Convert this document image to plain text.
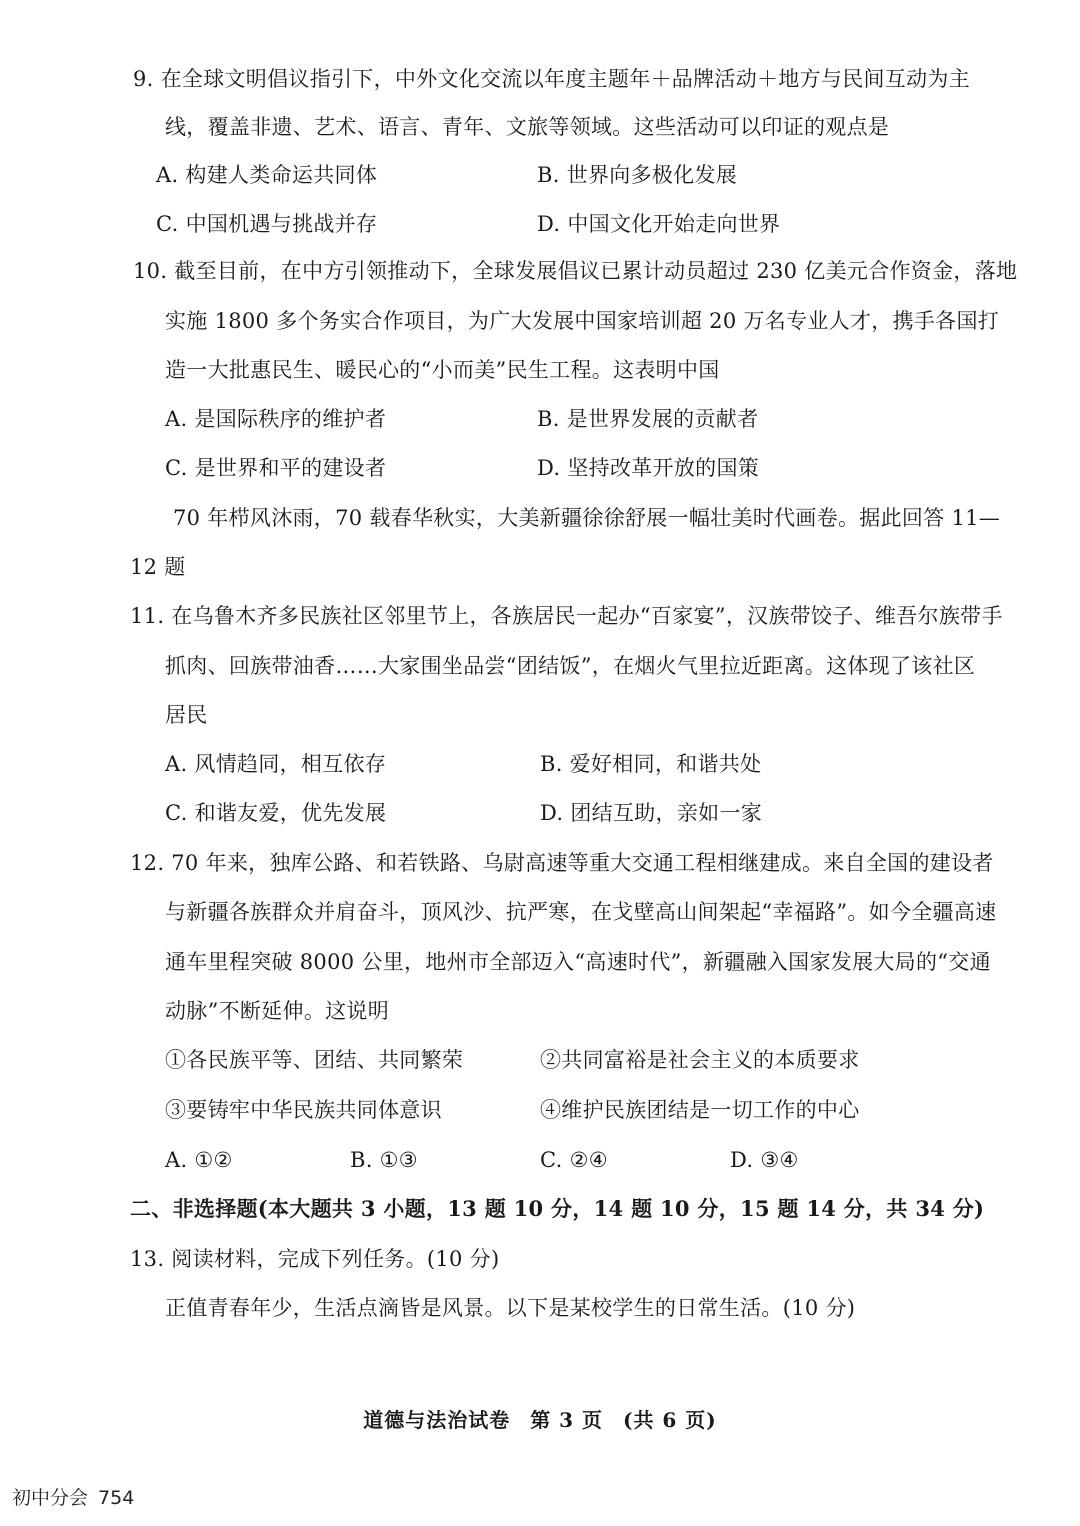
9. 在全球文明倡议指引下，中外文化交流以年度主题年＋品牌活动＋地方与民间互动为主
线，覆盖非遗、艺术、语言、青年、文旅等领域。这些活动可以印证的观点是
A. 构建人类命运共同体	B. 世界向多极化发展
C. 中国机遇与挑战并存	D. 中国文化开始走向世界
10. 截至目前，在中方引领推动下，全球发展倡议已累计动员超过 230 亿美元合作资金，落地
实施 1800 多个务实合作项目，为广大发展中国家培训超 20 万名专业人才，携手各国打
造一大批惠民生、暖民心的“小而美”民生工程。这表明中国
A. 是国际秩序的维护者	B. 是世界发展的贡献者
C. 是世界和平的建设者	D. 坚持改革开放的国策
70 年栉风沐雨，70 载春华秋实，大美新疆徐徐舒展一幅壮美时代画卷。据此回答 11—
12 题
11. 在乌鲁木齐多民族社区邻里节上，各族居民一起办“百家宴”，汉族带饺子、维吾尔族带手
抓肉、回族带油香……大家围坐品尝“团结饭”，在烟火气里拉近距离。这体现了该社区
居民
A. 风情趋同，相互依存	B. 爱好相同，和谐共处
C. 和谐友爱，优先发展	D. 团结互助，亲如一家
12. 70 年来，独库公路、和若铁路、乌尉高速等重大交通工程相继建成。来自全国的建设者
与新疆各族群众并肩奋斗，顶风沙、抗严寒，在戈壁高山间架起“幸福路”。如今全疆高速
通车里程突破 8000 公里，地州市全部迈入“高速时代”，新疆融入国家发展大局的“交通
动脉”不断延伸。这说明
①各民族平等、团结、共同繁荣	②共同富裕是社会主义的本质要求
③要铸牢中华民族共同体意识	④维护民族团结是一切工作的中心
A. ①②	B. ①③	C. ②④	D. ③④
二、非选择题(本大题共 3 小题，13 题 10 分，14 题 10 分，15 题 14 分，共 34 分)
13. 阅读材料，完成下列任务。(10 分)
正值青春年少，生活点滴皆是风景。以下是某校学生的日常生活。(10 分)
道德与法治试卷 第 3 页 (共 6 页)
初中分会 754
